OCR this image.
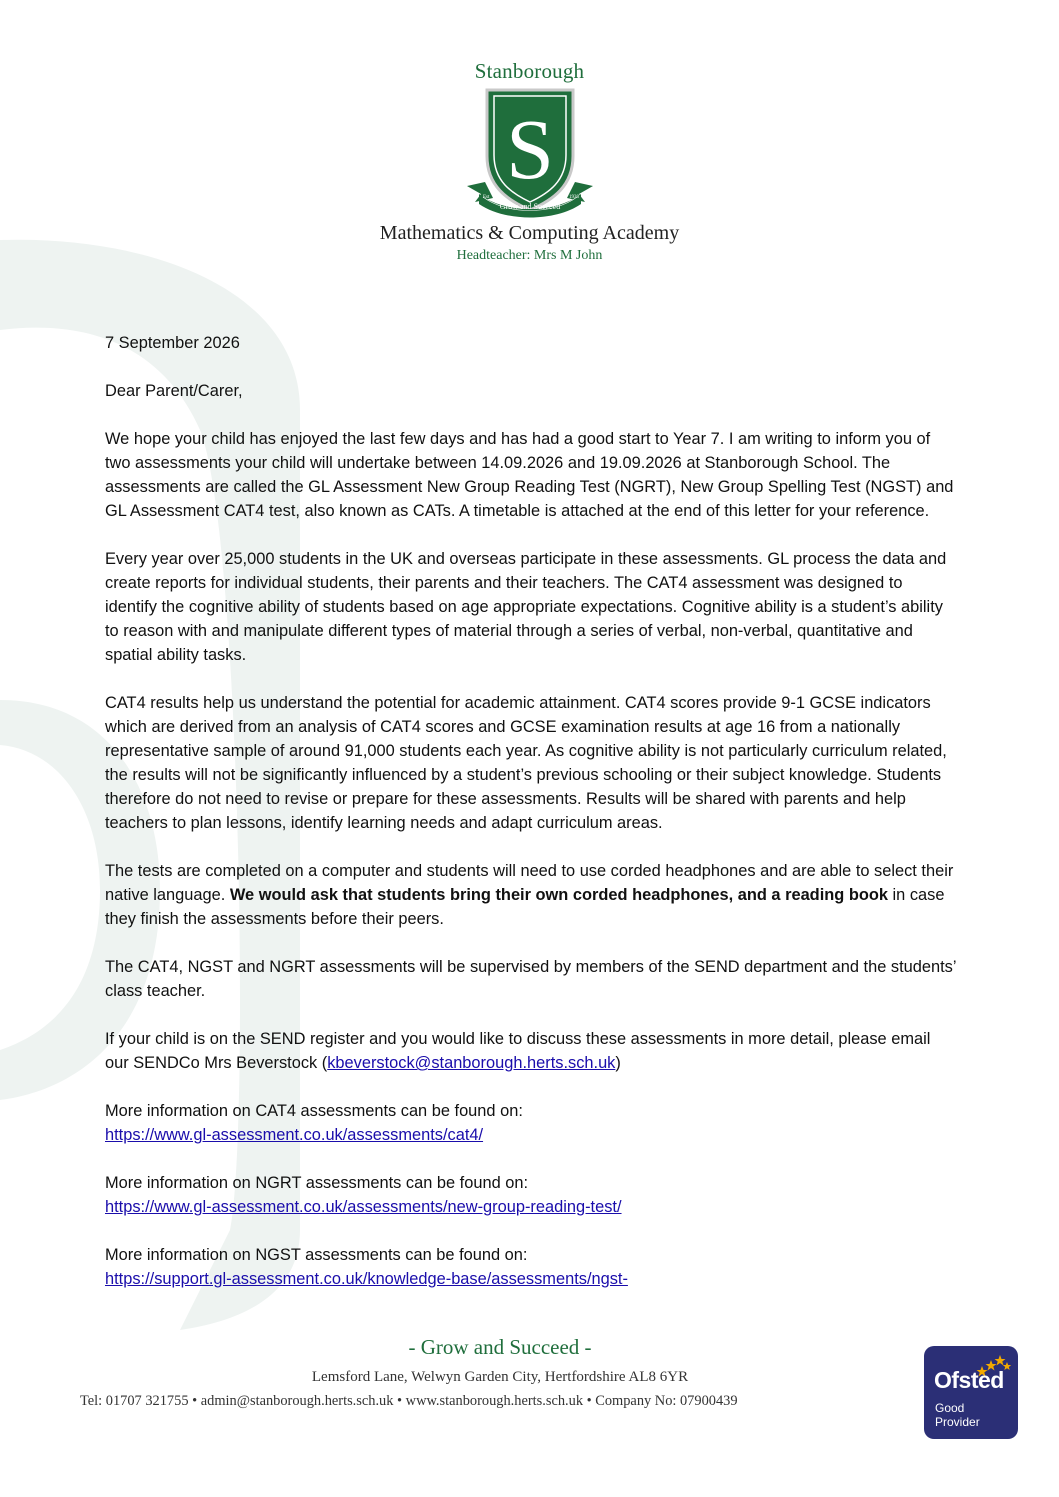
Stanborough
S
Grow and Succeed
Est	1938
Mathematics & Computing Academy
Headteacher: Mrs M John

7 September 2026

Dear Parent/Carer,

We hope your child has enjoyed the last few days and has had a good start to Year 7. I am writing to inform you of two assessments your child will undertake between 14.09.2026 and 19.09.2026 at Stanborough School. The assessments are called the GL Assessment New Group Reading Test (NGRT), New Group Spelling Test (NGST) and GL Assessment CAT4 test, also known as CATs. A timetable is attached at the end of this letter for your reference.

Every year over 25,000 students in the UK and overseas participate in these assessments. GL process the data and create reports for individual students, their parents and their teachers. The CAT4 assessment was designed to identify the cognitive ability of students based on age appropriate expectations. Cognitive ability is a student’s ability to reason with and manipulate different types of material through a series of verbal, non-verbal, quantitative and spatial ability tasks.

CAT4 results help us understand the potential for academic attainment. CAT4 scores provide 9-1 GCSE indicators which are derived from an analysis of CAT4 scores and GCSE examination results at age 16 from a nationally representative sample of around 91,000 students each year. As cognitive ability is not particularly curriculum related, the results will not be significantly influenced by a student’s previous schooling or their subject knowledge. Students therefore do not need to revise or prepare for these assessments. Results will be shared with parents and help teachers to plan lessons, identify learning needs and adapt curriculum areas.

The tests are completed on a computer and students will need to use corded headphones and are able to select their native language. We would ask that students bring their own corded headphones, and a reading book in case they finish the assessments before their peers.

The CAT4, NGST and NGRT assessments will be supervised by members of the SEND department and the students’ class teacher.

If your child is on the SEND register and you would like to discuss these assessments in more detail, please email our SENDCo Mrs Beverstock (kbeverstock@stanborough.herts.sch.uk)

More information on CAT4 assessments can be found on:

https://www.gl-assessment.co.uk/assessments/cat4/

More information on NGRT assessments can be found on:

https://www.gl-assessment.co.uk/assessments/new-group-reading-test/

More information on NGST assessments can be found on:

https://support.gl-assessment.co.uk/knowledge-base/assessments/ngst-

- Grow and Succeed -
Lemsford Lane, Welwyn Garden City, Hertfordshire AL8 6YR
Tel: 01707 321755 • admin@stanborough.herts.sch.uk • www.stanborough.herts.sch.uk • Company No: 07900439
Ofsted
Good
Provider
